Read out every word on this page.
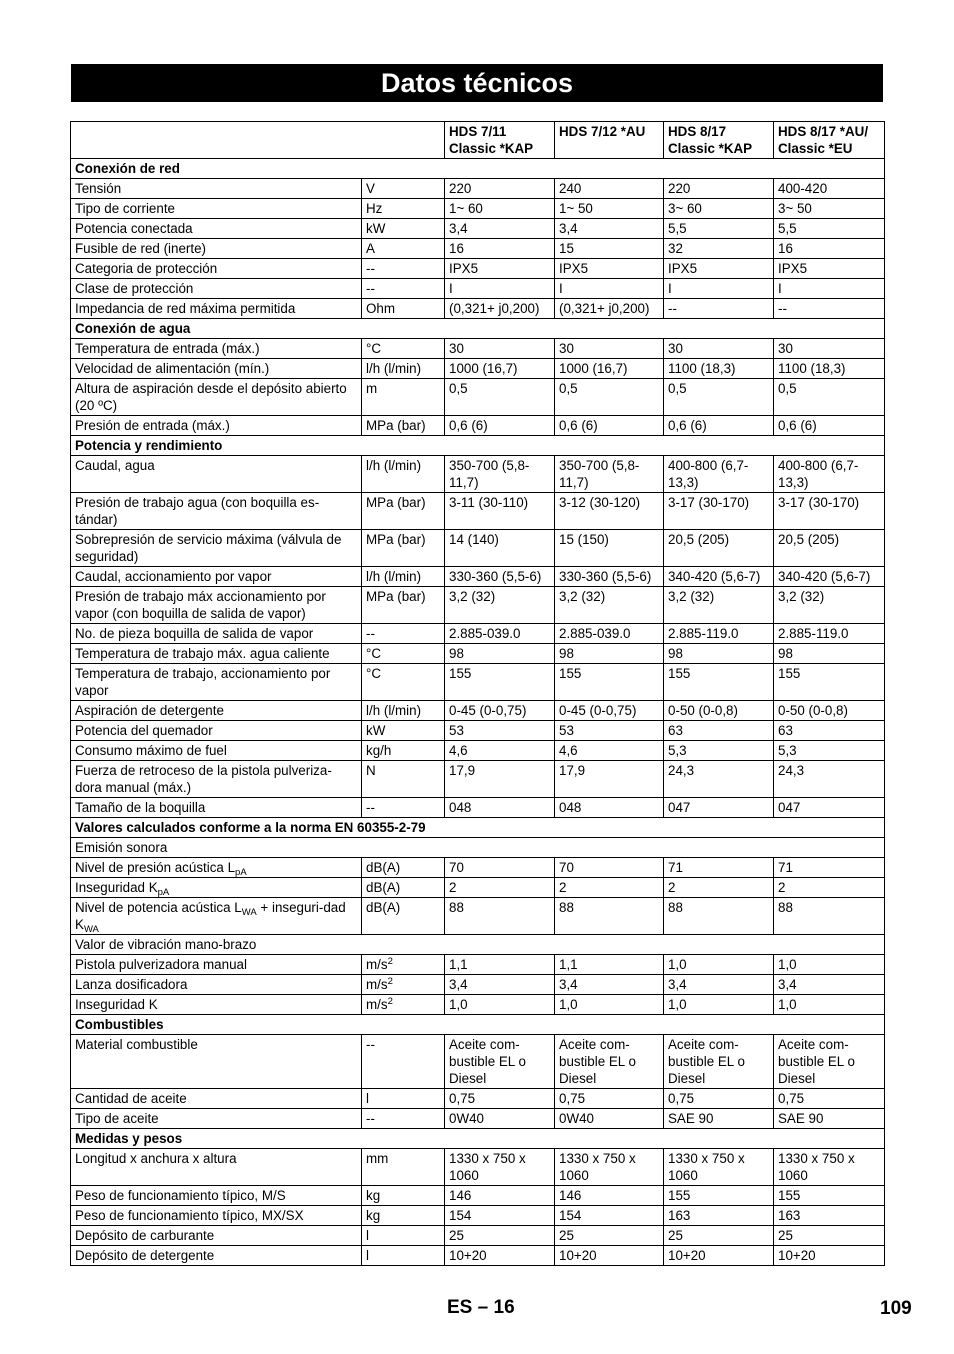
Datos técnicos
		HDS 7/11 Classic *KAP	HDS 7/12 *AU	HDS 8/17 Classic *KAP	HDS 8/17 *AU/ Classic *EU
Conexión de red					
Tensión	V	220	240	220	400-420
Tipo de corriente	Hz	1~ 60	1~ 50	3~ 60	3~ 50
Potencia conectada	kW	3,4	3,4	5,5	5,5
Fusible de red (inerte)	A	16	15	32	16
Categoria de protección	--	IPX5	IPX5	IPX5	IPX5
Clase de protección	--	I	I	I	I
Impedancia de red máxima permitida	Ohm	(0,321+ j0,200)	(0,321+ j0,200)	--	--
Conexión de agua					
Temperatura de entrada (máx.)	°C	30	30	30	30
Velocidad de alimentación (mín.)	l/h (l/min)	1000 (16,7)	1000 (16,7)	1100 (18,3)	1100 (18,3)
Altura de aspiración desde el depósito abierto (20 ºC)	m	0,5	0,5	0,5	0,5
Presión de entrada (máx.)	MPa (bar)	0,6 (6)	0,6 (6)	0,6 (6)	0,6 (6)
Potencia y rendimiento					
Caudal, agua	l/h (l/min)	350-700 (5,8-11,7)	350-700 (5,8-11,7)	400-800 (6,7-13,3)	400-800 (6,7-13,3)
Presión de trabajo agua (con boquilla es-tándar)	MPa (bar)	3-11 (30-110)	3-12 (30-120)	3-17 (30-170)	3-17 (30-170)
Sobrepresión de servicio máxima (válvula de seguridad)	MPa (bar)	14 (140)	15 (150)	20,5 (205)	20,5 (205)
Caudal, accionamiento por vapor	l/h (l/min)	330-360 (5,5-6)	330-360 (5,5-6)	340-420 (5,6-7)	340-420 (5,6-7)
Presión de trabajo máx accionamiento por vapor (con boquilla de salida de vapor)	MPa (bar)	3,2 (32)	3,2 (32)	3,2 (32)	3,2 (32)
No. de pieza boquilla de salida de vapor	--	2.885-039.0	2.885-039.0	2.885-119.0	2.885-119.0
Temperatura de trabajo máx. agua caliente	°C	98	98	98	98
Temperatura de trabajo, accionamiento por vapor	°C	155	155	155	155
Aspiración de detergente	l/h (l/min)	0-45 (0-0,75)	0-45 (0-0,75)	0-50 (0-0,8)	0-50 (0-0,8)
Potencia del quemador	kW	53	53	63	63
Consumo máximo de fuel	kg/h	4,6	4,6	5,3	5,3
Fuerza de retroceso de la pistola pulveriza-dora manual (máx.)	N	17,9	17,9	24,3	24,3
Tamaño de la boquilla	--	048	048	047	047
Valores calculados conforme a la norma EN 60355-2-79					
Emisión sonora					
Nivel de presión acústica $L_{pA}$	dB(A)	70	70	71	71
Inseguridad $K_{pA}$	dB(A)	2	2	2	2
Nivel de potencia acústica $L_{WA}$ + insegurі-dad $K_{WA}$	dB(A)	88	88	88	88
Valor de vibración mano-brazo					
Pistola pulverizadora manual	$m/s^2$	1,1	1,1	1,0	1,0
Lanza dosificadora	$m/s^2$	3,4	3,4	3,4	3,4
Inseguridad K	$m/s^2$	1,0	1,0	1,0	1,0
Combustibles					
Material combustible	--	Aceite com-bustible EL o Diesel	Aceite com-bustible EL o Diesel	Aceite com-bustible EL o Diesel	Aceite com-bustible EL o Diesel
Cantidad de aceite	l	0,75	0,75	0,75	0,75
Tipo de aceite	--	0W40	0W40	SAE 90	SAE 90
Medidas y pesos					
Longitud x anchura x altura	mm	1330 x 750 x 1060	1330 x 750 x 1060	1330 x 750 x 1060	1330 x 750 x 1060
Peso de funcionamiento típico, M/S	kg	146	146	155	155
Peso de funcionamiento típico, MX/SX	kg	154	154	163	163
Depósito de carburante	l	25	25	25	25
Depósito de detergente	l	10+20	10+20	10+20	10+20
ES – 16	109
